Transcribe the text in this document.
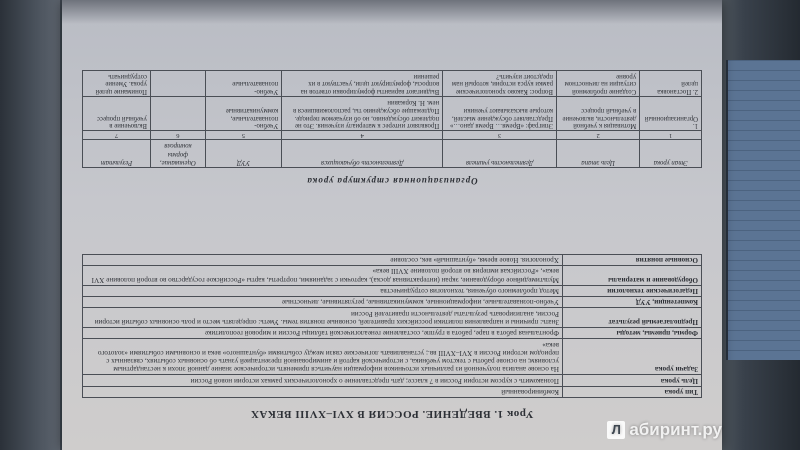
Урок 1. ВВЕДЕНИЕ. РОССИЯ В XVI–XVIII ВЕКАХ
Тип урока	Комбинированный
Цель урока	Познакомить с курсом истории России в 7 классе; дать представление о хронологических рамках истории новой России
Задачи урока	На основе анализа полученной из различных источников информации научиться применять историческое знание данной эпохи к нестандартным условиям; на основе работы с текстом учебника, с исторической картой и анимированной презентацией узнать об основных событиях, связанных с периодом истории России в XVI–XVIII вв.; устанавливать логические связи между событиями «бунташного» века и основными событиями «золотого века»
Формы, приемы, методы	Фронтальная работа в паре, работа в группе, составление генеалогической таблицы России и мировой геополитике
Предполагаемый результат	Знать: причины и направления политики российских правителей, основные понятия темы. Уметь: определять место и роль основных событий истории России, анализировать результаты деятельности правителей России
Компетенции, УУД	Учебно-познавательные, информационные, коммуникативные, регулятивные, личностные
Педагогические технологии	Метод проблемного обучения, технология сотрудничества
Оборудование и материалы	Мультимедийное оборудование, экран (интерактивная доска), карточки с заданиями, портреты, карты «Российское государство во второй половине XVI века», «Российская империя во второй половине XVIII века»
Основные понятия	Хронология. Новое время, «бунташный» век, сословие
Организационная структура урока
Этап урока	Цель этапа	Деятельность учителя	Деятельность обучающихся	УУД	Оценивание, формы контроля	Результат
1	2	3	4	5	6	7
1. Организационный	Мотивация к учебной деятельности, включение в учебный процесс	Эпиграф: «Время… Время дано…» Представляет обсуждение мыслей, которые высказывают ученики	Проявляют интерес к материалу изучения. Это не подлежит обсуждению, но об изучаемом периоде. Подлежащие обсуждению ты, расположившиеся в нем. Н. Коржавин	Учебно-познавательные, коммуникативные		Включение в учебный процесс
2. Постановка целей	Создание проблемной ситуации на личностном уровне	Вопрос: Каково хронологические рамки курса истории, который нам предстоит изучить?	Выдвигают варианты формулировки ответов на вопросы, формулируют цели, участвуют в их решении	Учебно-познавательные		Понимание целей урока. Умение сотрудничать
Л абиринт.ру
